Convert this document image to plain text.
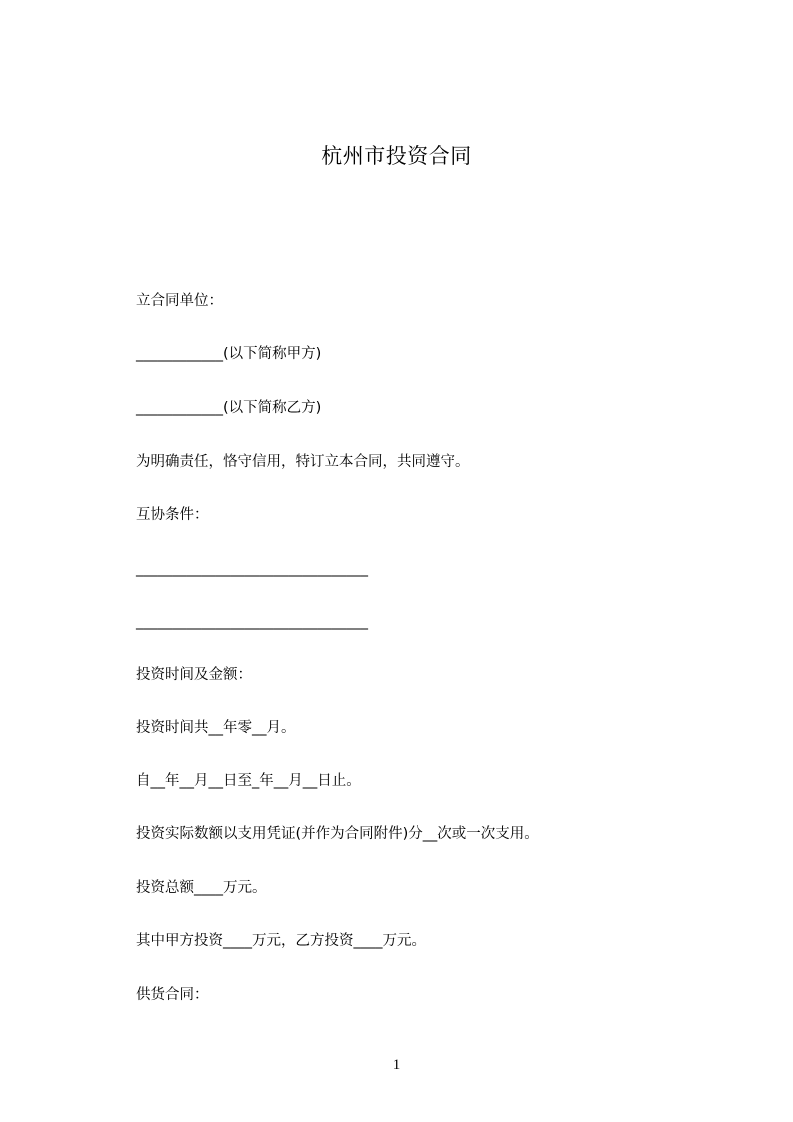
杭州市投资合同
立合同单位：
____________(以下简称甲方)
____________(以下简称乙方)
为明确责任，恪守信用，特订立本合同，共同遵守。
互协条件：
________________________________
________________________________
投资时间及金额：
投资时间共__年零__月。
自__年__月__日至_年__月__日止。
投资实际数额以支用凭证(并作为合同附件)分__次或一次支用。
投资总额____万元。
其中甲方投资____万元，乙方投资____万元。
供货合同：
1
